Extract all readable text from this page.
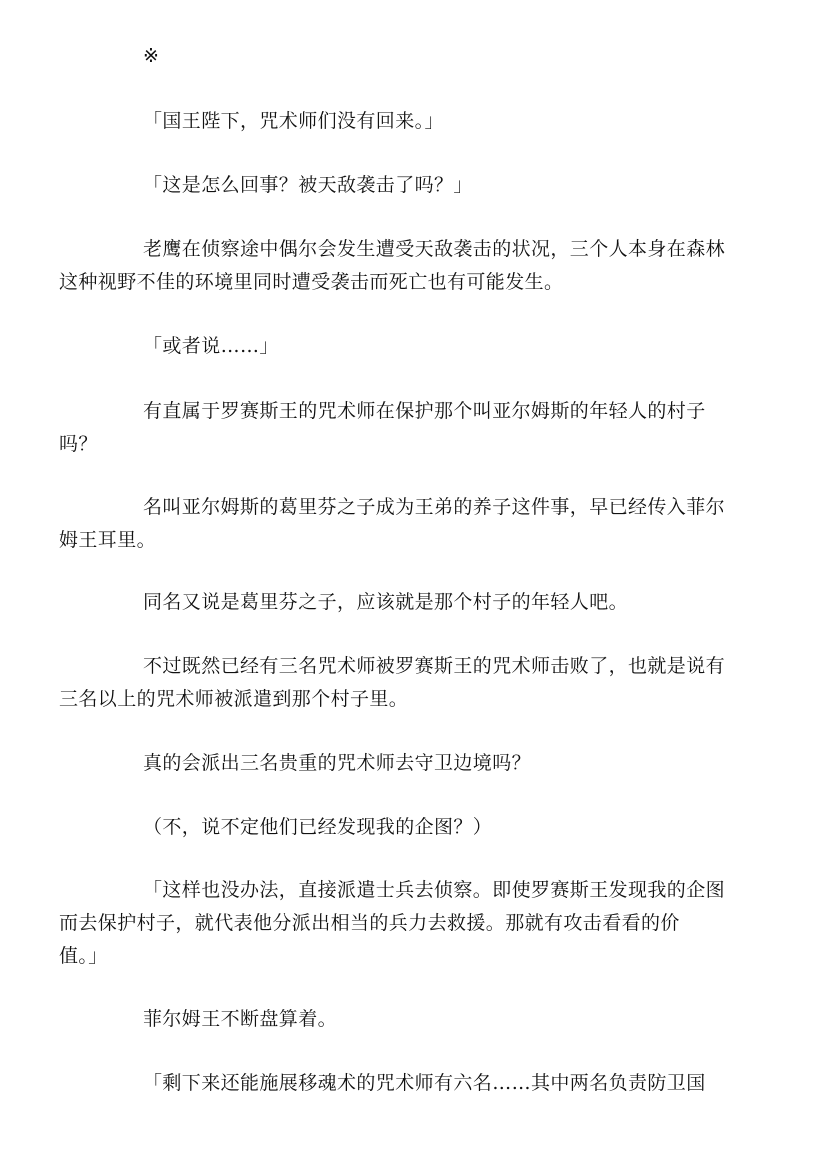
※

「国王陛下，咒术师们没有回来。」

「这是怎么回事？被天敌袭击了吗？」

老鹰在侦察途中偶尔会发生遭受天敌袭击的状况，三个人本身在森林
这种视野不佳的环境里同时遭受袭击而死亡也有可能发生。

「或者说……」

有直属于罗赛斯王的咒术师在保护那个叫亚尔姆斯的年轻人的村子
吗？

名叫亚尔姆斯的葛里芬之子成为王弟的养子这件事，早已经传入菲尔
姆王耳里。

同名又说是葛里芬之子，应该就是那个村子的年轻人吧。

不过既然已经有三名咒术师被罗赛斯王的咒术师击败了，也就是说有
三名以上的咒术师被派遣到那个村子里。

真的会派出三名贵重的咒术师去守卫边境吗？

（不，说不定他们已经发现我的企图？）

「这样也没办法，直接派遣士兵去侦察。即使罗赛斯王发现我的企图
而去保护村子，就代表他分派出相当的兵力去救援。那就有攻击看看的价
值。」

菲尔姆王不断盘算着。

「剩下来还能施展移魂术的咒术师有六名……其中两名负责防卫国
